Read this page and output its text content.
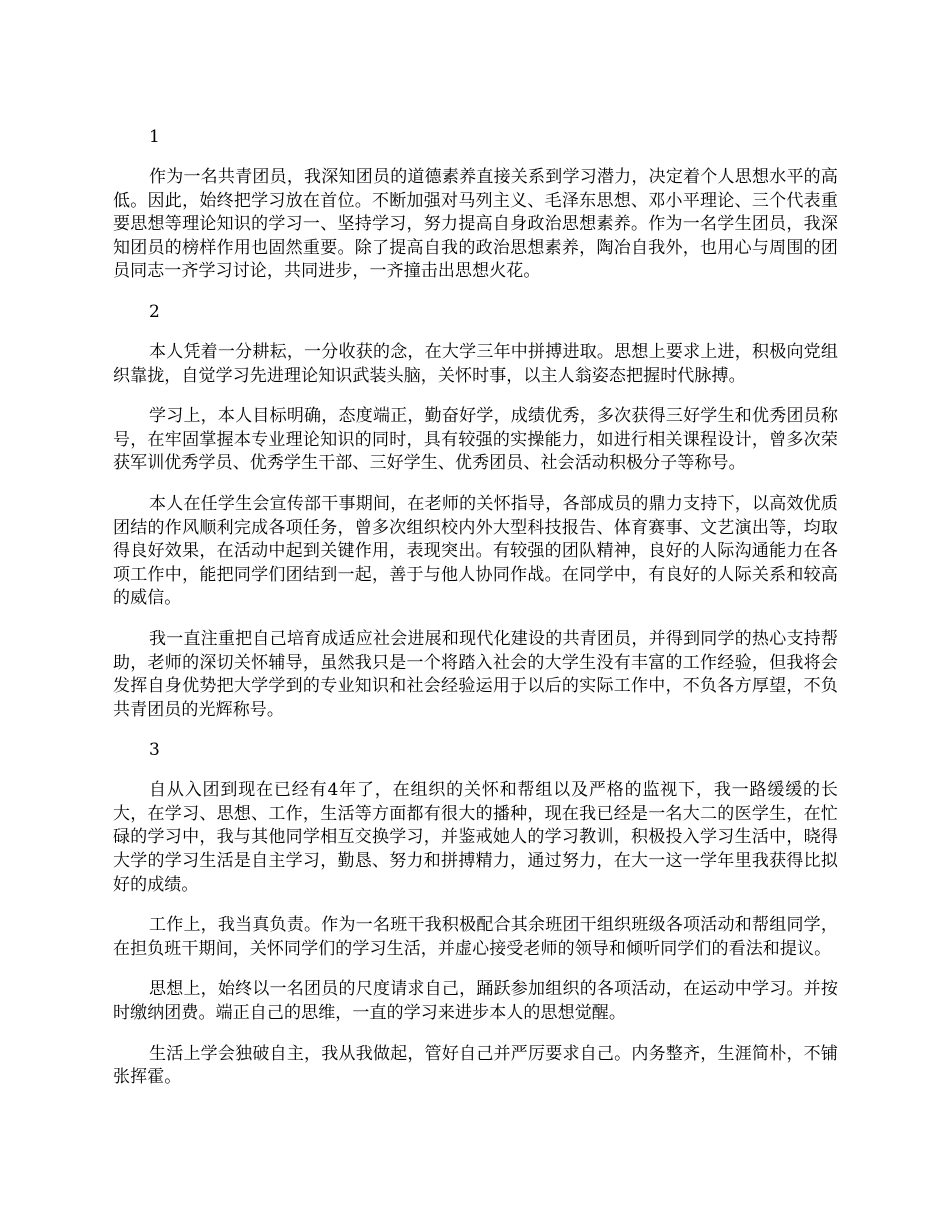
1

作为一名共青团员，我深知团员的道德素养直接关系到学习潜力，决定着个人思想水平的高低。因此，始终把学习放在首位。不断加强对马列主义、毛泽东思想、邓小平理论、三个代表重要思想等理论知识的学习一、坚持学习，努力提高自身政治思想素养。作为一名学生团员，我深知团员的榜样作用也固然重要。除了提高自我的政治思想素养，陶冶自我外，也用心与周围的团员同志一齐学习讨论，共同进步，一齐撞击出思想火花。

2

本人凭着一分耕耘，一分收获的念，在大学三年中拼搏进取。思想上要求上进，积极向党组织靠拢，自觉学习先进理论知识武装头脑，关怀时事，以主人翁姿态把握时代脉搏。

学习上，本人目标明确，态度端正，勤奋好学，成绩优秀，多次获得三好学生和优秀团员称号，在牢固掌握本专业理论知识的同时，具有较强的实操能力，如进行相关课程设计，曾多次荣获军训优秀学员、优秀学生干部、三好学生、优秀团员、社会活动积极分子等称号。

本人在任学生会宣传部干事期间，在老师的关怀指导，各部成员的鼎力支持下，以高效优质团结的作风顺利完成各项任务，曾多次组织校内外大型科技报告、体育赛事、文艺演出等，均取得良好效果，在活动中起到关键作用，表现突出。有较强的团队精神，良好的人际沟通能力在各项工作中，能把同学们团结到一起，善于与他人协同作战。在同学中，有良好的人际关系和较高的威信。

我一直注重把自己培育成适应社会进展和现代化建设的共青团员，并得到同学的热心支持帮助，老师的深切关怀辅导，虽然我只是一个将踏入社会的大学生没有丰富的工作经验，但我将会发挥自身优势把大学学到的专业知识和社会经验运用于以后的实际工作中，不负各方厚望，不负共青团员的光辉称号。

3

自从入团到现在已经有4年了，在组织的关怀和帮组以及严格的监视下，我一路缓缓的长大，在学习、思想、工作，生活等方面都有很大的播种，现在我已经是一名大二的医学生，在忙碌的学习中，我与其他同学相互交换学习，并鉴戒她人的学习教训，积极投入学习生活中，晓得大学的学习生活是自主学习，勤恳、努力和拼搏精力，通过努力，在大一这一学年里我获得比拟好的成绩。

工作上，我当真负责。作为一名班干我积极配合其余班团干组织班级各项活动和帮组同学，在担负班干期间，关怀同学们的学习生活，并虚心接受老师的领导和倾听同学们的看法和提议。

思想上，始终以一名团员的尺度请求自己，踊跃参加组织的各项活动，在运动中学习。并按时缴纳团费。端正自己的思维，一直的学习来进步本人的思想觉醒。

生活上学会独破自主，我从我做起，管好自己并严厉要求自己。内务整齐，生涯简朴，不铺张挥霍。
